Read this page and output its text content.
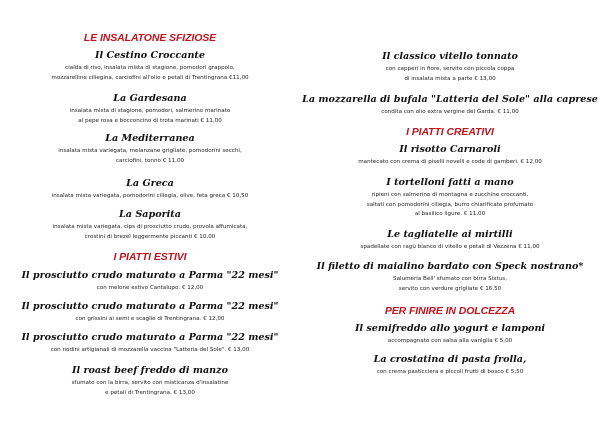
LE INSALATONE SFIZIOSE
Il Cestino Croccante
cialda di riso, insalata mista di stagione, pomodori grappolo,
mozzarelline ciliegina, carciofini all'olio e petali di Trentingrana €11,00
La Gardesana
insalata mista di stagione, pomodori, salmerino marinato
al pepe rosa e bocconcino di trota marinati € 11,00
La Mediterranea
insalata mista variegata, melanzane grigliate, pomodorini secchi,
carciofini, tonno € 11,00
La Greca
insalata mista variegata, pomodorini ciliegia, olive, feta greca € 10,50
La Saporita
insalata mista variegata, cips di prosciutto crudo, provola affumicata,
crostini di brezel leggermente piccanti € 10,00
I PIATTI ESTIVI
Il prosciutto crudo maturato a Parma "22 mesi"
con melone estivo Cantalupo. € 12,00
Il prosciutto crudo maturato a Parma "22 mesi"
con grissini ai semi e scaglie di Trentingrana. € 12,00
Il prosciutto crudo maturato a Parma "22 mesi"
con nodini artigianali di mozzarella vaccina "Latteria del Sole". € 13,00
Il roast beef freddo di manzo
sfumato con la birra, servito con misticanza d'insalatine
e petali di Trentingrana. € 13,00
Il classico vitello tonnato
con capperi in fiore, servito con piccola coppa
di insalata mista a parte € 13,00
La mozzarella di bufala "Latteria del Sole" alla caprese
condita con olio extra vergine del Garda. € 11,00
I PIATTI CREATIVI
Il risotto Carnaroli
mantecato con crema di piselli novelli e code di gamberi. € 12,00
I tortelloni fatti a mano
ripieni con salmerino di montagna e zucchine croccanti,
saltati con pomodorini ciliegia, burro chiarificato profumato
al basilico ligure. € 11,00
Le tagliatelle ai mirtilli
spadellate con ragù bianco di vitello e petali di Vezzena € 11,00
Il filetto di maialino bardato con Speck nostrano*
Salumeria Bell' sfumato con birra Sixtus,
servito con verdure grigliate € 16,50
PER FINIRE IN DOLCEZZA
Il semifreddo allo yogurt e lamponi
accompagnato con salsa alla vaniglia € 5,00
La crostatina di pasta frolla,
con crema pasticciera e piccoli frutti di bosco € 5,50
